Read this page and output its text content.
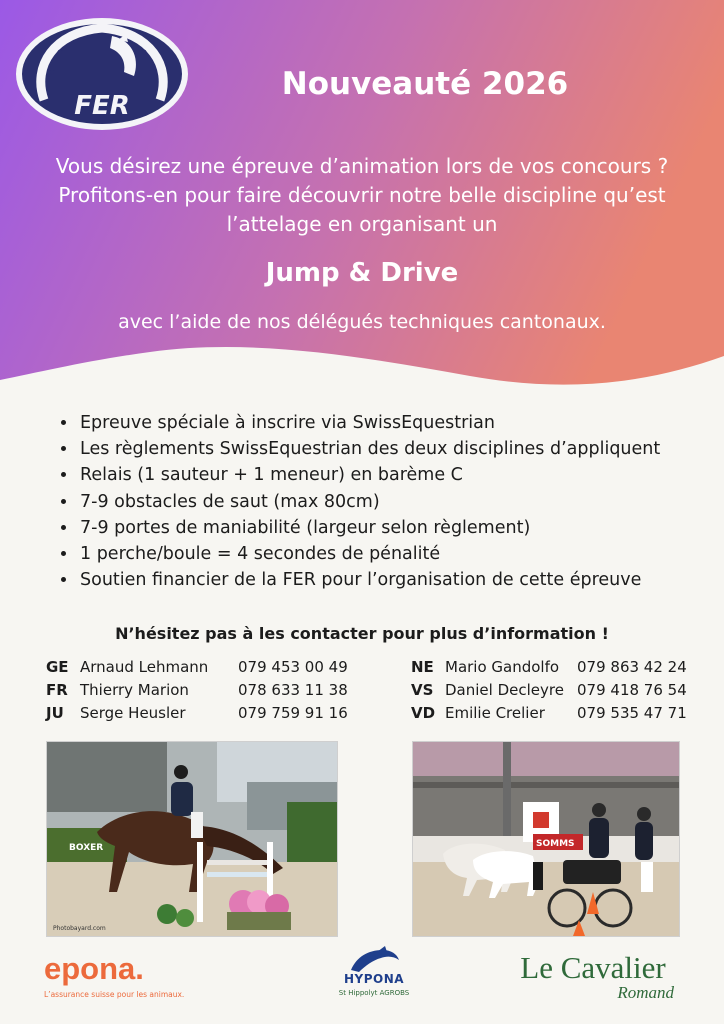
FER
Nouveauté 2026
Vous désirez une épreuve d’animation lors de vos concours ?
Profitons-en pour faire découvrir notre belle discipline qu’est
l’attelage en organisant un
Jump & Drive
avec l’aide de nos délégués techniques cantonaux.
• Epreuve spéciale à inscrire via SwissEquestrian
• Les règlements SwissEquestrian des deux disciplines d’appliquent
• Relais (1 sauteur + 1 meneur) en barème C
• 7-9 obstacles de saut (max 80cm)
• 7-9 portes de maniabilité (largeur selon règlement)
• 1 perche/boule = 4 secondes de pénalité
• Soutien financier de la FER pour l’organisation de cette épreuve
N’hésitez pas à les contacter pour plus d’information !
GE Arnaud Lehmann	079 453 00 49
FR Thierry Marion	078 633 11 38
JU	Serge Heusler	079 759 91 16
NE Mario Gandolfo	079 863 42 24
VS Daniel Decleyre 079 418 76 54
VD Emilie Crelier	079 535 47 71
BOXER
Photobayard.com
SOMMS
epona.
L’assurance suisse pour les animaux.
HYPONA
St Hippolyt AGROBS
Le Cavalier
Romand
